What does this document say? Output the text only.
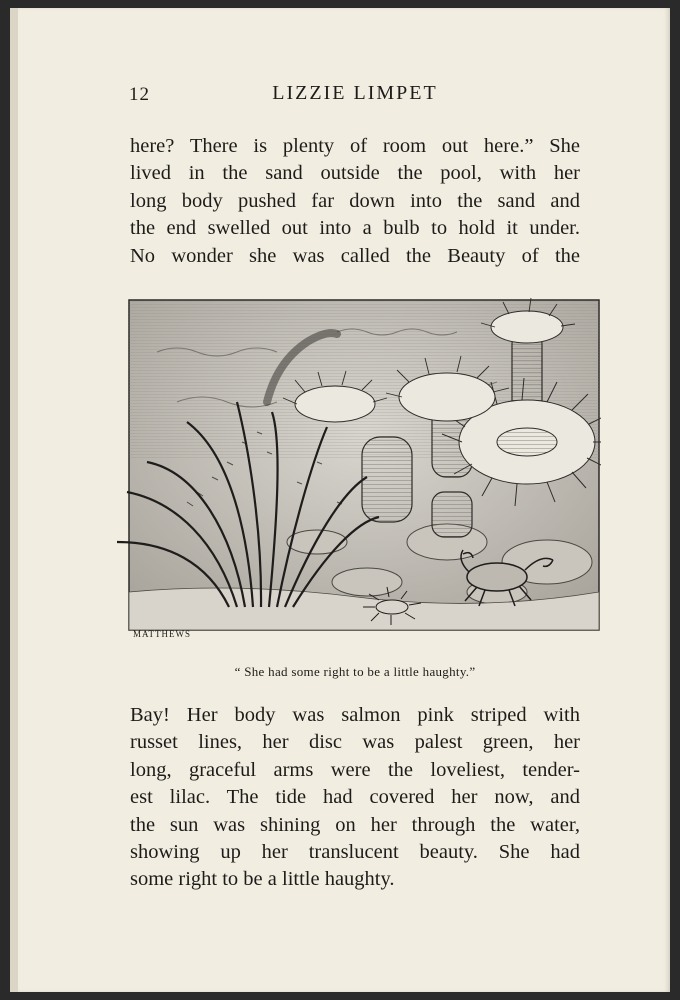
12	LIZZIE LIMPET
here? There is plenty of room out here.” She
lived in the sand outside the pool, with her
long body pushed far down into the sand and
the end swelled out into a bulb to hold it under.
No wonder she was called the Beauty of the
MATTHEWS
“ She had some right to be a little haughty.”
Bay! Her body was salmon pink striped with
russet lines, her disc was palest green, her
long, graceful arms were the loveliest, tender-
est lilac. The tide had covered her now, and
the sun was shining on her through the water,
showing up her translucent beauty. She had
some right to be a little haughty.
